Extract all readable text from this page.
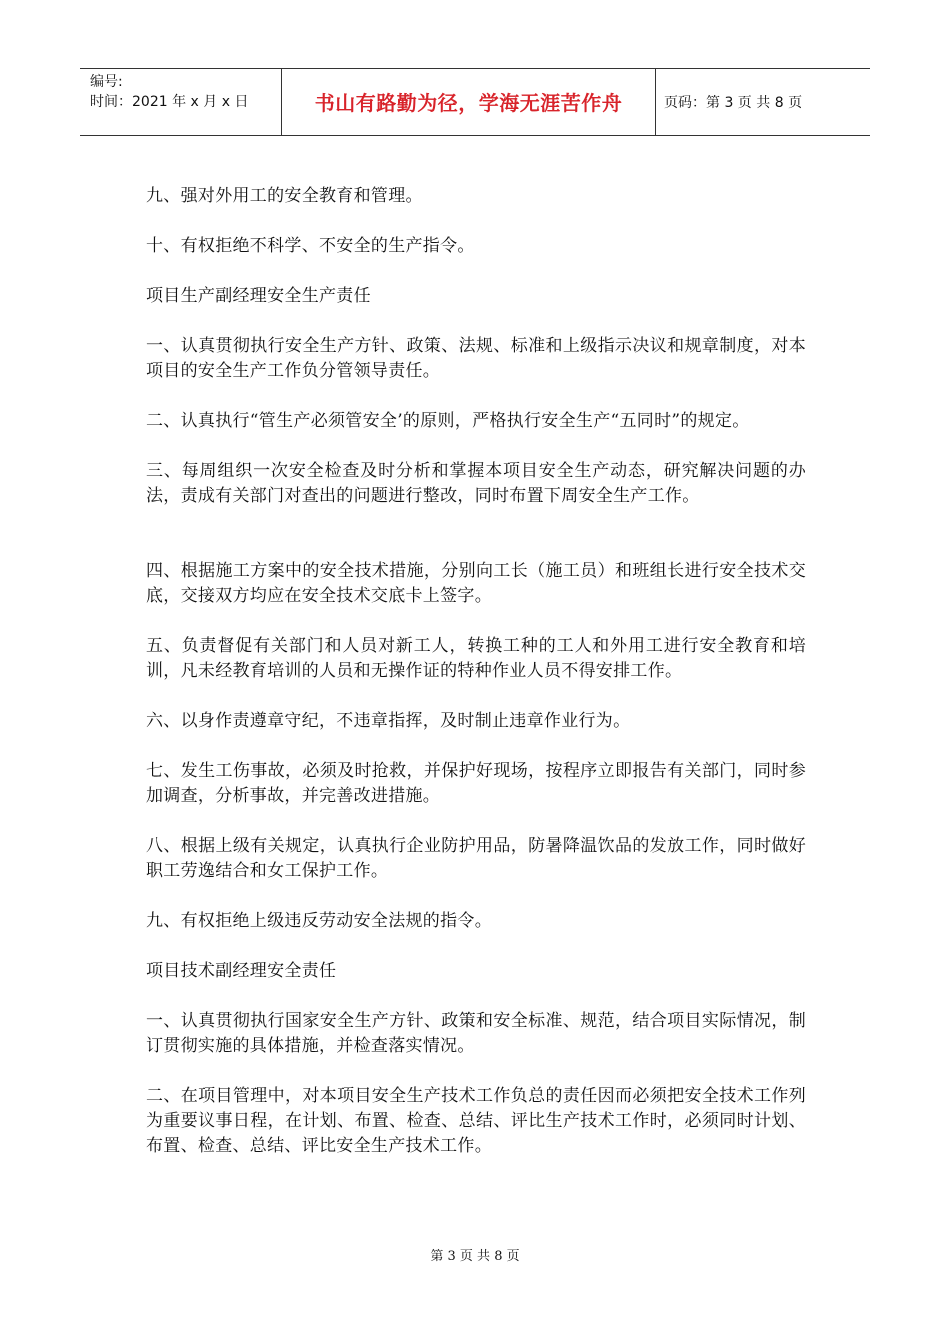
编号:
时间：2021 年 x 月 x 日	书山有路勤为径，学海无涯苦作舟	页码：第 3 页 共 8 页

九、强对外用工的安全教育和管理。

十、有权拒绝不科学、不安全的生产指令。

项目生产副经理安全生产责任

一、认真贯彻执行安全生产方针、政策、法规、标准和上级指示决议和规章制度，对本项目的安全生产工作负分管领导责任。

二、认真执行“管生产必须管安全’的原则，严格执行安全生产“五同时”的规定。

三、每周组织一次安全检查及时分析和掌握本项目安全生产动态，研究解决问题的办法，责成有关部门对查出的问题进行整改，同时布置下周安全生产工作。

四、根据施工方案中的安全技术措施，分别向工长（施工员）和班组长进行安全技术交底，交接双方均应在安全技术交底卡上签字。

五、负责督促有关部门和人员对新工人，转换工种的工人和外用工进行安全教育和培训，凡未经教育培训的人员和无操作证的特种作业人员不得安排工作。

六、以身作责遵章守纪，不违章指挥，及时制止违章作业行为。

七、发生工伤事故，必须及时抢救，并保护好现场，按程序立即报告有关部门，同时参加调查，分析事故，并完善改进措施。

八、根据上级有关规定，认真执行企业防护用品，防暑降温饮品的发放工作，同时做好职工劳逸结合和女工保护工作。

九、有权拒绝上级违反劳动安全法规的指令。

项目技术副经理安全责任

一、认真贯彻执行国家安全生产方针、政策和安全标准、规范，结合项目实际情况，制订贯彻实施的具体措施，并检查落实情况。

二、在项目管理中，对本项目安全生产技术工作负总的责任因而必须把安全技术工作列为重要议事日程，在计划、布置、检查、总结、评比生产技术工作时，必须同时计划、布置、检查、总结、评比安全生产技术工作。

第 3 页 共 8 页
